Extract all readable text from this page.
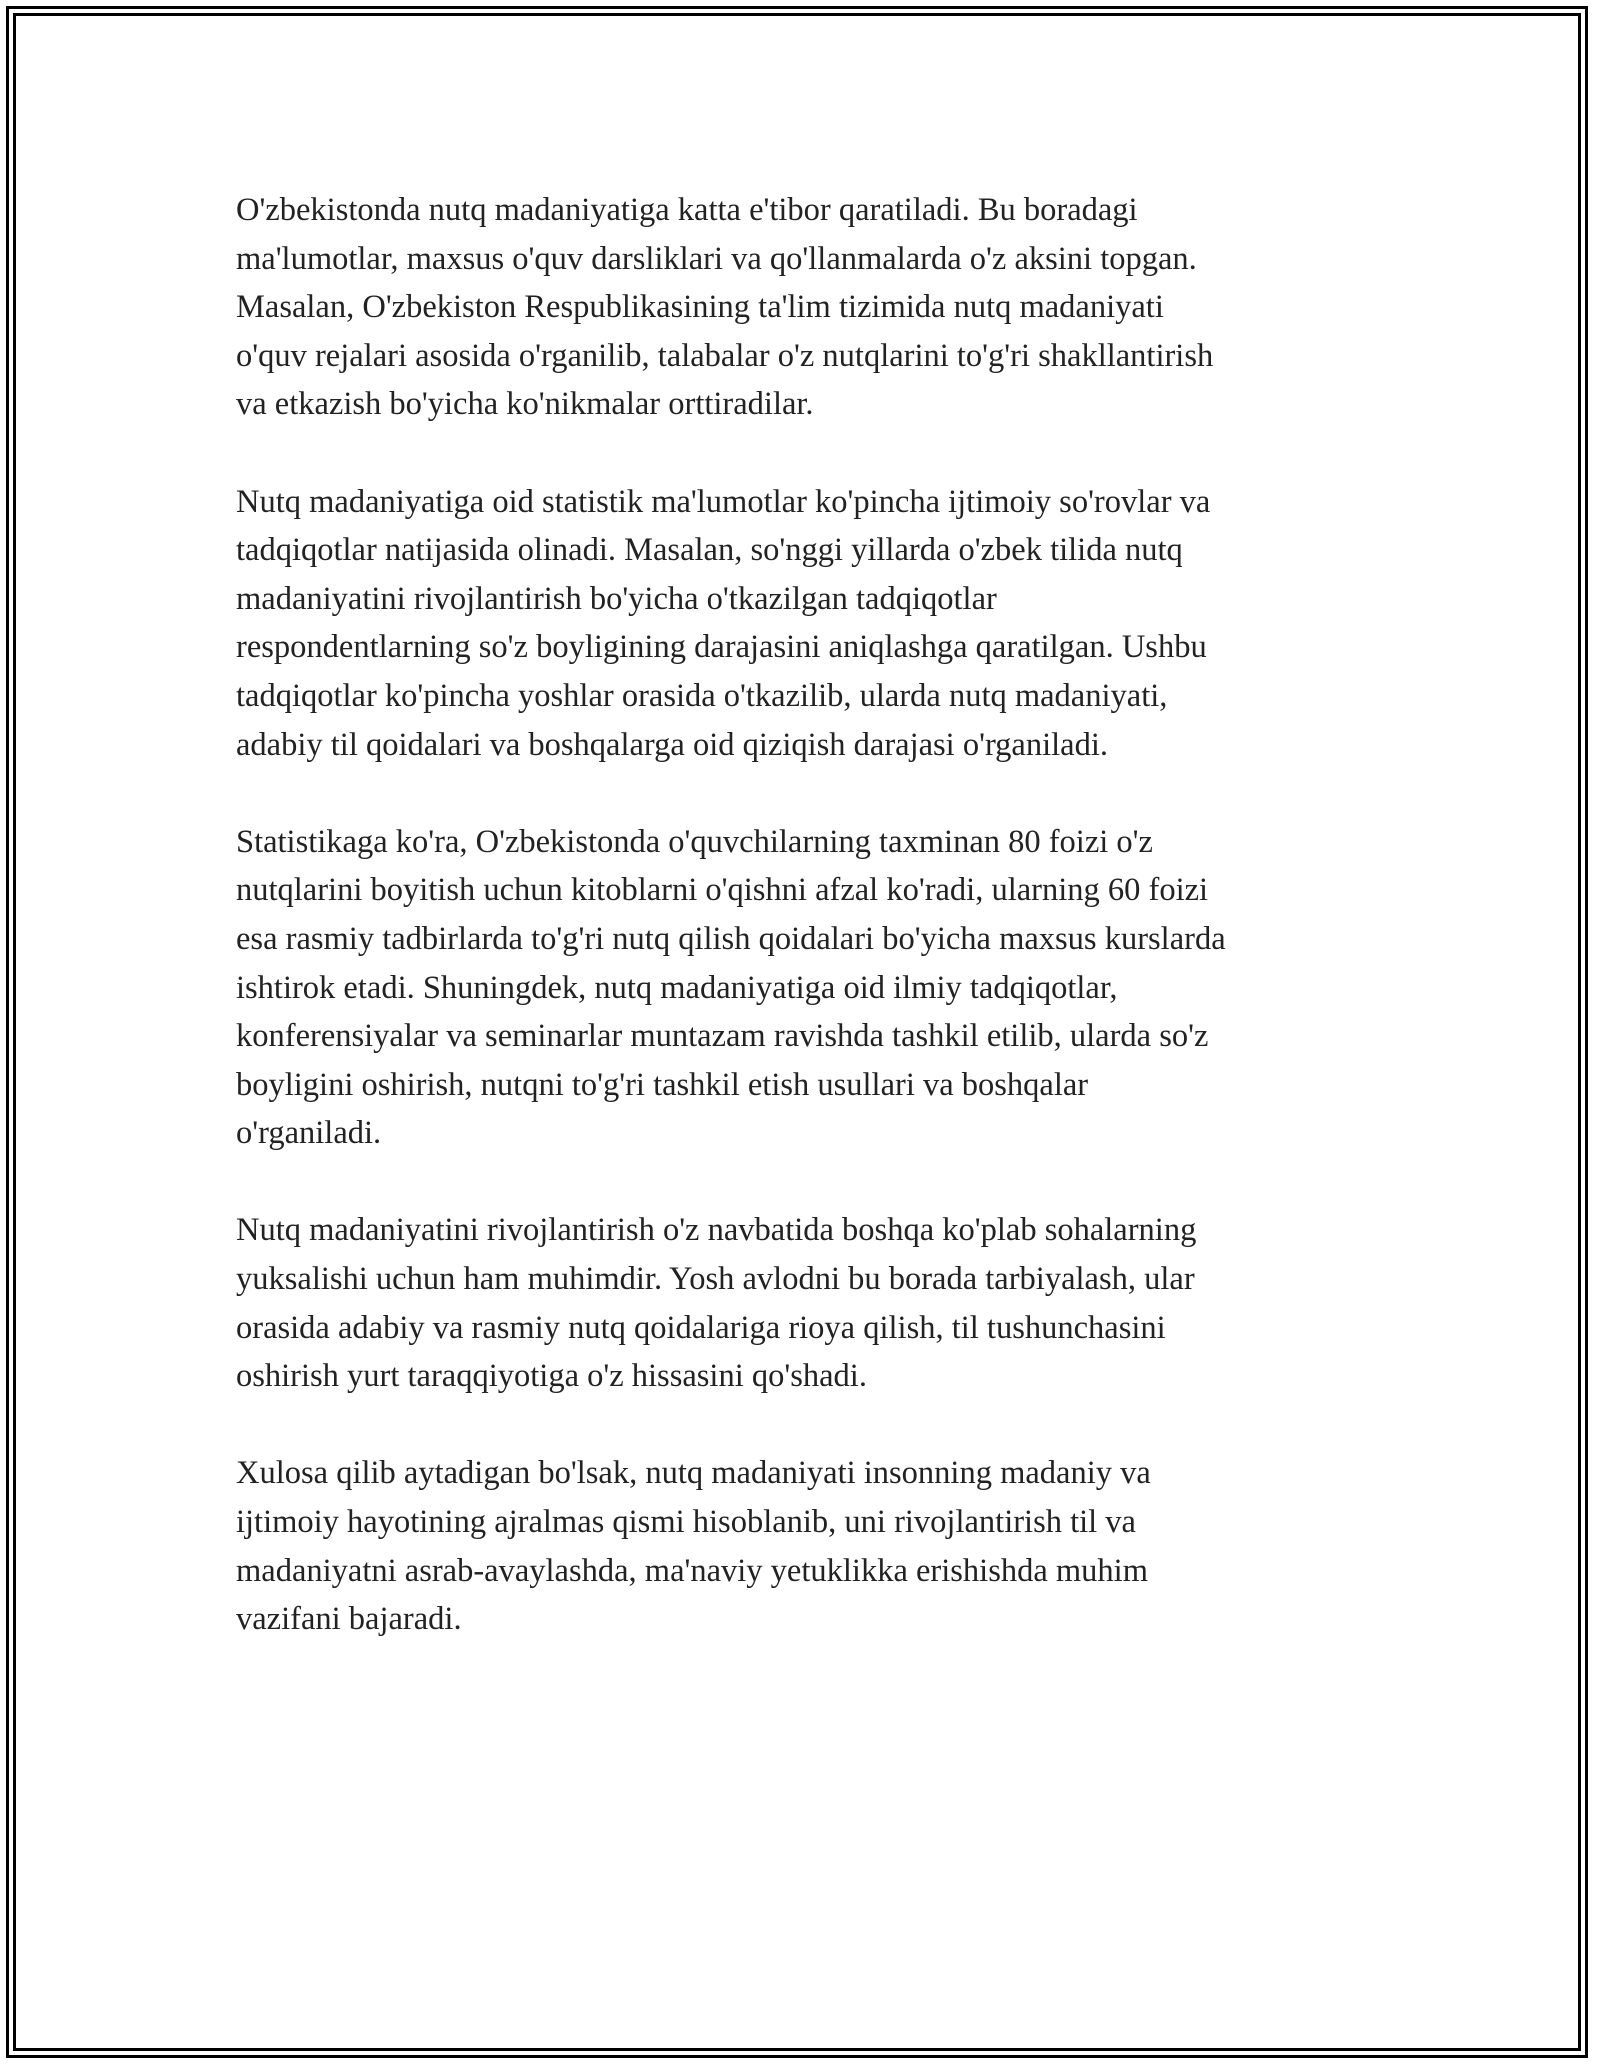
O'zbekistonda nutq madaniyatiga katta e'tibor qaratiladi. Bu boradagi
ma'lumotlar, maxsus o'quv darsliklari va qo'llanmalarda o'z aksini topgan.
Masalan, O'zbekiston Respublikasining ta'lim tizimida nutq madaniyati
o'quv rejalari asosida o'rganilib, talabalar o'z nutqlarini to'g'ri shakllantirish
va etkazish bo'yicha ko'nikmalar orttiradilar.

Nutq madaniyatiga oid statistik ma'lumotlar ko'pincha ijtimoiy so'rovlar va
tadqiqotlar natijasida olinadi. Masalan, so'nggi yillarda o'zbek tilida nutq
madaniyatini rivojlantirish bo'yicha o'tkazilgan tadqiqotlar
respondentlarning so'z boyligining darajasini aniqlashga qaratilgan. Ushbu
tadqiqotlar ko'pincha yoshlar orasida o'tkazilib, ularda nutq madaniyati,
adabiy til qoidalari va boshqalarga oid qiziqish darajasi o'rganiladi.

Statistikaga ko'ra, O'zbekistonda o'quvchilarning taxminan 80 foizi o'z
nutqlarini boyitish uchun kitoblarni o'qishni afzal ko'radi, ularning 60 foizi
esa rasmiy tadbirlarda to'g'ri nutq qilish qoidalari bo'yicha maxsus kurslarda
ishtirok etadi. Shuningdek, nutq madaniyatiga oid ilmiy tadqiqotlar,
konferensiyalar va seminarlar muntazam ravishda tashkil etilib, ularda so'z
boyligini oshirish, nutqni to'g'ri tashkil etish usullari va boshqalar
o'rganiladi.

Nutq madaniyatini rivojlantirish o'z navbatida boshqa ko'plab sohalarning
yuksalishi uchun ham muhimdir. Yosh avlodni bu borada tarbiyalash, ular
orasida adabiy va rasmiy nutq qoidalariga rioya qilish, til tushunchasini
oshirish yurt taraqqiyotiga o'z hissasini qo'shadi.

Xulosa qilib aytadigan bo'lsak, nutq madaniyati insonning madaniy va
ijtimoiy hayotining ajralmas qismi hisoblanib, uni rivojlantirish til va
madaniyatni asrab-avaylashda, ma'naviy yetuklikka erishishda muhim
vazifani bajaradi.
